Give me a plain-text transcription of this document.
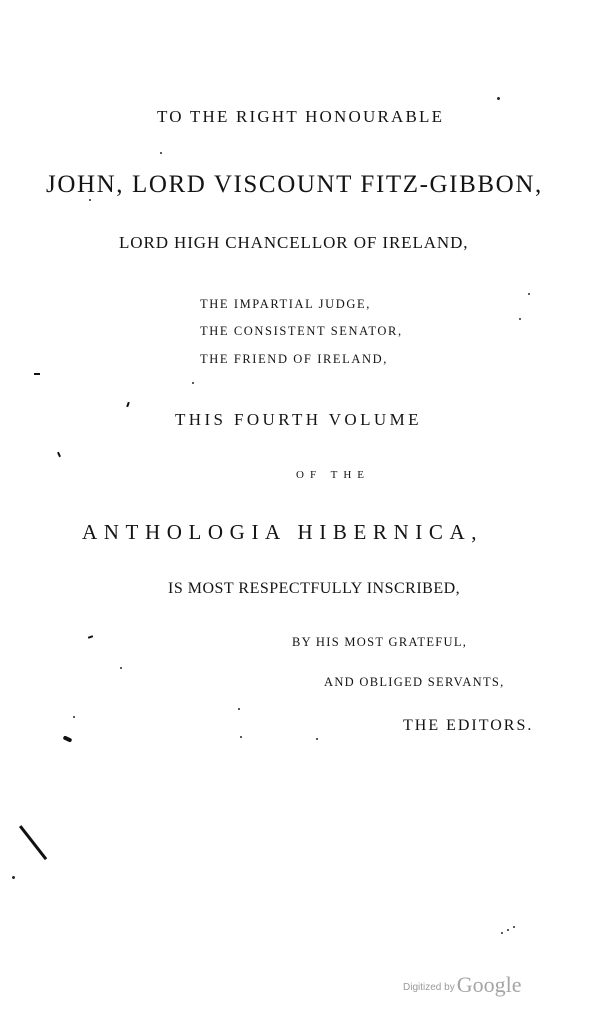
TO THE RIGHT HONOURABLE
JOHN, LORD VISCOUNT FITZ-GIBBON,
LORD HIGH CHANCELLOR OF IRELAND,
THE IMPARTIAL JUDGE,
THE CONSISTENT SENATOR,
THE FRIEND OF IRELAND,
THIS FOURTH VOLUME
OF THE
ANTHOLOGIA HIBERNICA,
IS MOST RESPECTFULLY INSCRIBED,
BY HIS MOST GRATEFUL,
AND OBLIGED SERVANTS,
THE EDITORS.
Digitized byGoogle
